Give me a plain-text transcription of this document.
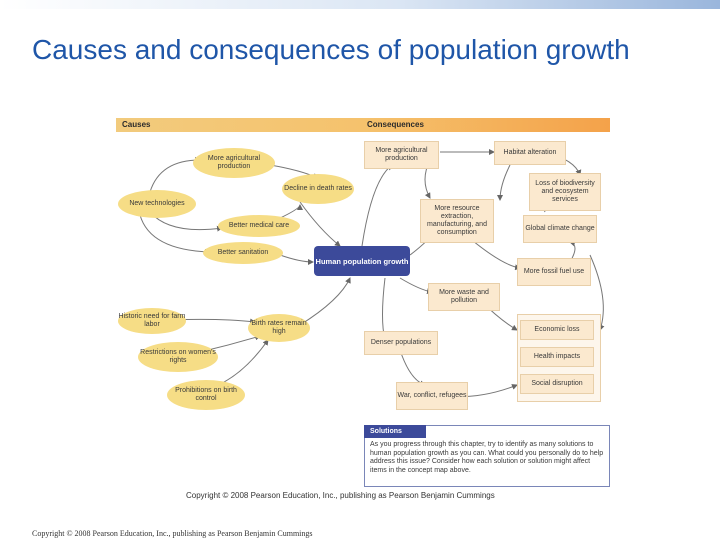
Causes and consequences of population growth
Causes	Consequences
More agricultural production
New technologies
Decline in death rates
Better medical care
Better sanitation
Historic need for farm labor	Birth rates remain high
Restrictions on women's rights
Prohibitions on birth control
Human population growth
More agricultural production
Habitat alteration
Loss of biodiversity and ecosystem services
More resource extraction, manufacturing, and consumption
Global climate change
More fossil fuel use
More waste and pollution
Denser populations
Economic loss
Health impacts
Social disruption
War, conflict, refugees
Solutions
As you progress through this chapter, try to identify as many solutions to human population growth as you can. What could you personally do to help address this issue? Consider how each solution or solution might affect items in the concept map above.
Copyright © 2008 Pearson Education, Inc., publishing as Pearson Benjamin Cummings
Copyright © 2008 Pearson Education, Inc., publishing as Pearson Benjamin Cummings
